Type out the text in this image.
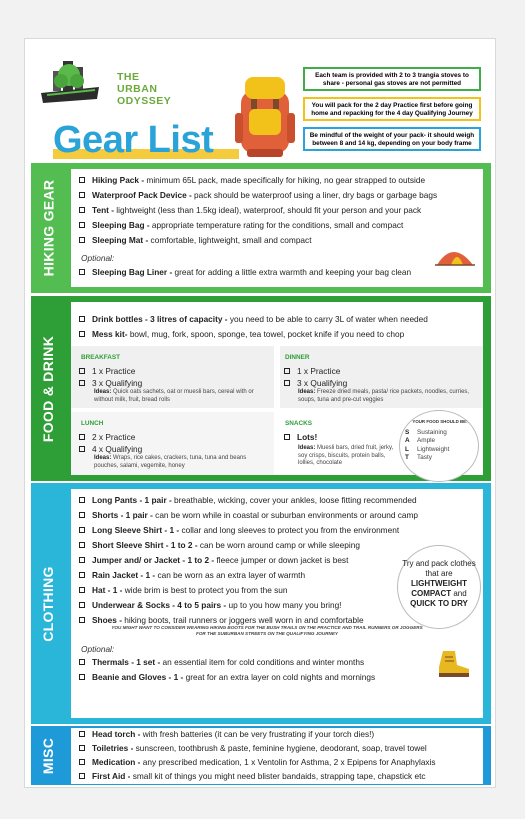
THE
URBAN
ODYSSEY
Gear List
Each team is provided with 2 to 3 trangia stoves to share - personal gas stoves are not permitted
You will pack for the 2 day Practice first before going home and repacking for the 4 day Qualifying Journey
Be mindful of the weight of your pack- it should weigh between 8 and 14 kg, depending on your body frame
HIKING GEAR	Hiking Pack - minimum 65L pack, made specifically for hiking, no gear strapped to outside
Waterproof Pack Device - pack should be waterproof using a liner, dry bags or garbage bags
Tent - lightweight (less than 1.5kg ideal), waterproof, should fit your person and your pack
Sleeping Bag - appropriate temperature rating for the conditions, small and compact
Sleeping Mat - comfortable, lightweight, small and compact
Optional:
Sleeping Bag Liner - great for adding a little extra warmth and keeping your bag clean
FOOD & DRINK
Drink bottles - 3 litres of capacity - you need to be able to carry 3L of water when needed
Mess kit- bowl, mug, fork, spoon, sponge, tea towel, pocket knife if you need to chop
BREAKFAST
1 x Practice
3 x Qualifying
Ideas: Quick oats sachets, oat or muesli bars, cereal with or without milk, fruit, bread rolls
DINNER
1 x Practice
3 x Qualifying
Ideas: Freeze dried meals, pasta/ rice packets, noodles, curries, soups, tuna and pre-cut veggies
LUNCH
2 x Practice
4 x Qualifying
Ideas: Wraps, rice cakes, crackers, tuna, tuna and beans pouches, salami, vegemite, honey
SNACKS
Lots!
Ideas: Muesli bars, dried fruit, jerky, soy crisps, biscuits, protein balls, lollies, chocolate
YOUR FOOD SHOULD BE:
S Sustaining
A Ample
L Lightweight
T Tasty
CLOTHING
Long Pants - 1 pair - breathable, wicking, cover your ankles, loose fitting recommended
Shorts - 1 pair - can be worn while in coastal or suburban environments or around camp
Long Sleeve Shirt - 1 - collar and long sleeves to protect you from the environment
Short Sleeve Shirt - 1 to 2 - can be worn around camp or while sleeping
Jumper and/ or Jacket - 1 to 2 - fleece jumper or down jacket is best
Rain Jacket - 1 - can be worn as an extra layer of warmth
Hat - 1 - wide brim is best to protect you from the sun
Underwear & Socks - 4 to 5 pairs - up to you how many you bring!
Shoes - hiking boots, trail runners or joggers well worn in and comfortable
YOU MIGHT WANT TO CONSIDER WEARING HIKING BOOTS FOR THE BUSH TRAILS ON THE PRACTICE AND TRAIL RUNNERS OR JOGGERS FOR THE SUBURBAN STREETS ON THE QUALIFYING JOURNEY
Try and pack clothes that are
LIGHTWEIGHT
COMPACT and
QUICK TO DRY
Optional:
Thermals - 1 set - an essential item for cold conditions and winter months
Beanie and Gloves - 1 - great for an extra layer on cold nights and mornings
MISC
Head torch - with fresh batteries (it can be very frustrating if your torch dies!)
Toiletries - sunscreen, toothbrush & paste, feminine hygiene, deodorant, soap, travel towel
Medication - any prescribed medication, 1 x Ventolin for Asthma, 2 x Epipens for Anaphylaxis
First Aid - small kit of things you might need blister bandaids, strapping tape, chapstick etc
